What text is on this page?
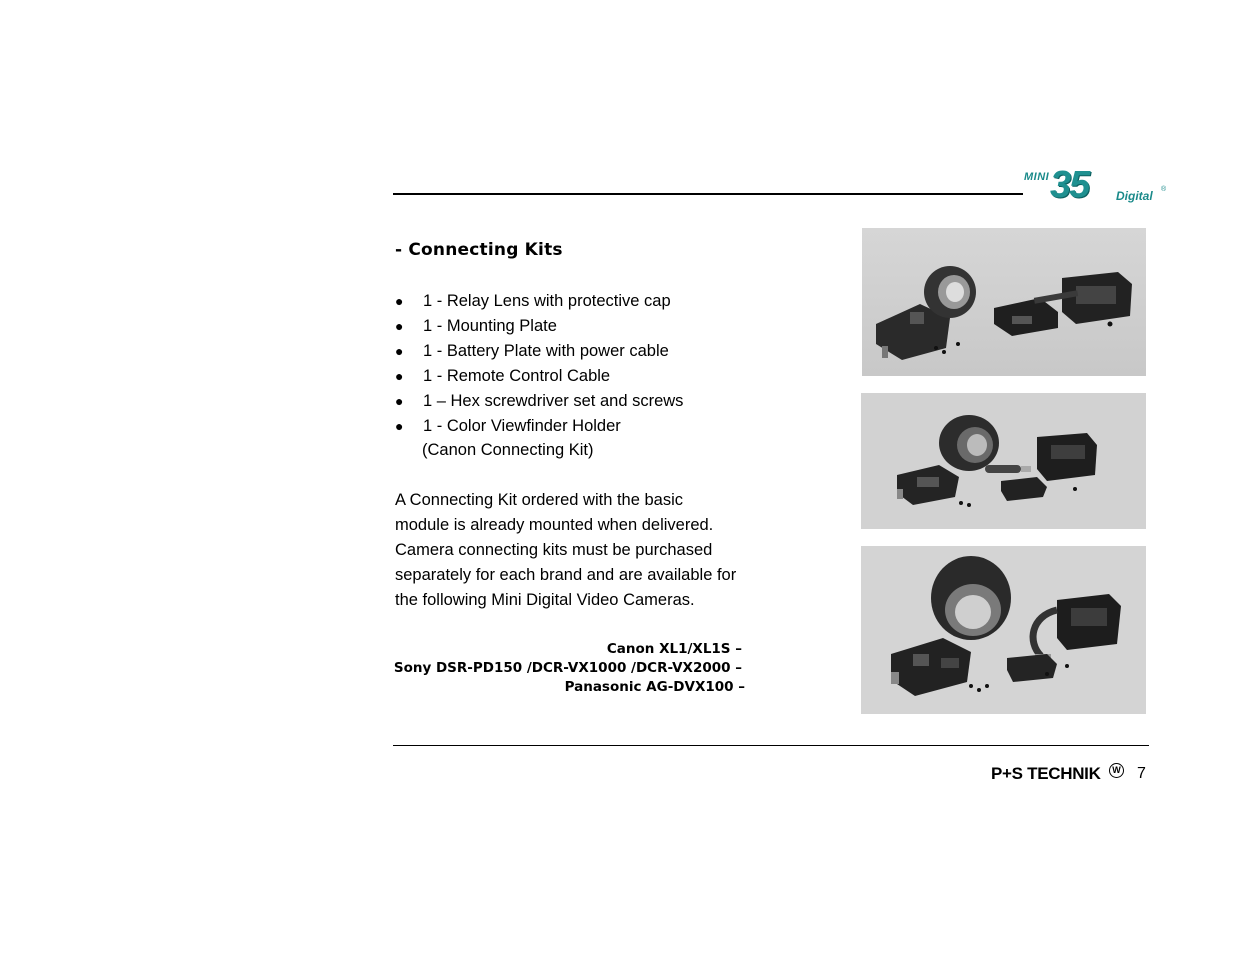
MINI 35 Digital ®
- Connecting Kits
● 1 - Relay Lens with protective cap
● 1 - Mounting Plate
● 1 - Battery Plate with power cable
● 1 - Remote Control Cable
● 1 – Hex screwdriver set and screws
● 1 - Color Viewfinder Holder
(Canon Connecting Kit)
A Connecting Kit ordered with the basic
module is already mounted when delivered.
Camera connecting kits must be purchased
separately for each brand and are available for
the following Mini Digital Video Cameras.
Canon XL1/XL1S –
Sony DSR-PD150 /DCR-VX1000 /DCR-VX2000 –
Panasonic AG-DVX100 –
P+S TECHNIK	W 7
